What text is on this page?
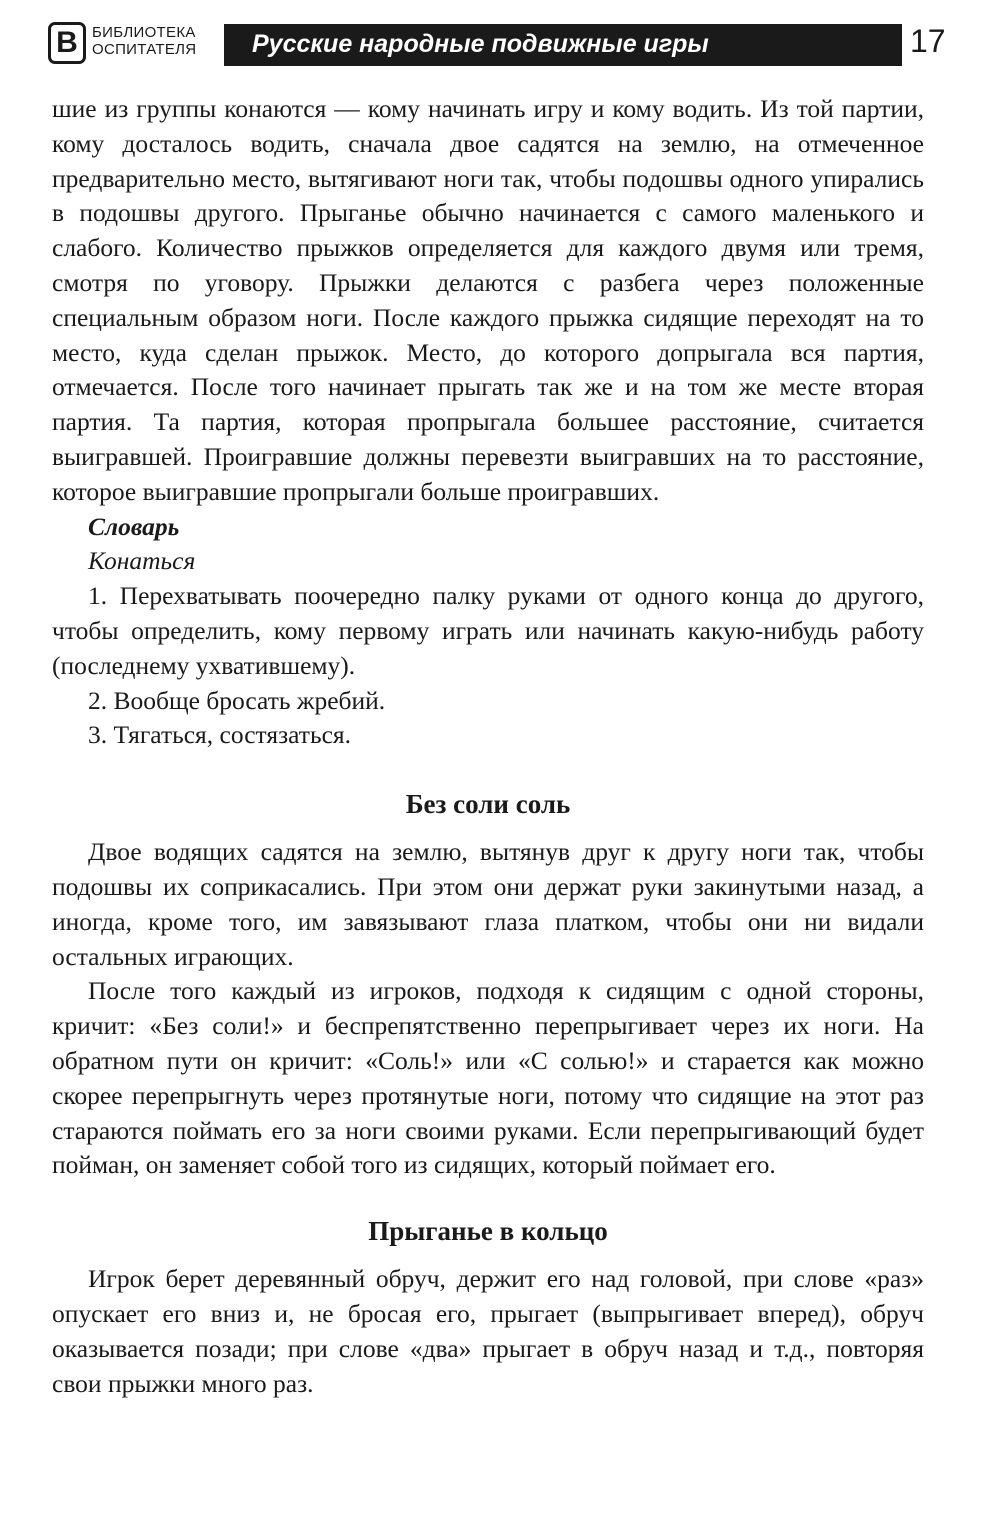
В БИБЛИОТЕКА
ОСПИТАТЕЛЯ	Русские народные подвижные игры	17

шие из группы конаются — кому начинать игру и кому водить. Из той партии, кому досталось водить, сначала двое садятся на землю, на отмеченное предварительно место, вытягивают ноги так, чтобы подошвы одного упирались в подошвы другого. Прыганье обычно начинается с самого маленького и слабого. Количество прыжков определяется для каждого двумя или тремя, смотря по уговору. Прыжки делаются с разбега через положенные специальным образом ноги. После каждого прыжка сидящие переходят на то место, куда сделан прыжок. Место, до которого допрыгала вся партия, отмечается. После того начинает прыгать так же и на том же месте вторая партия. Та партия, которая пропрыгала большее расстояние, считается выигравшей. Проигравшие должны перевезти выигравших на то расстояние, которое выигравшие пропрыгали больше проигравших.

Словарь

Конаться

1. Перехватывать поочередно палку руками от одного конца до другого, чтобы определить, кому первому играть или начинать какую-нибудь работу (последнему ухватившему).

2. Вообще бросать жребий.

3. Тягаться, состязаться.

Без соли соль

Двое водящих садятся на землю, вытянув друг к другу ноги так, чтобы подошвы их соприкасались. При этом они держат руки закинутыми назад, а иногда, кроме того, им завязывают глаза платком, чтобы они ни видали остальных играющих.

После того каждый из игроков, подходя к сидящим с одной стороны, кричит: «Без соли!» и беспрепятственно перепрыгивает через их ноги. На обратном пути он кричит: «Соль!» или «С солью!» и старается как можно скорее перепрыгнуть через протянутые ноги, потому что сидящие на этот раз стараются поймать его за ноги своими руками. Если перепрыгивающий будет пойман, он заменяет собой того из сидящих, который поймает его.

Прыганье в кольцо

Игрок берет деревянный обруч, держит его над головой, при слове «раз» опускает его вниз и, не бросая его, прыгает (выпрыгивает вперед), обруч оказывается позади; при слове «два» прыгает в обруч назад и т.д., повторяя свои прыжки много раз.
